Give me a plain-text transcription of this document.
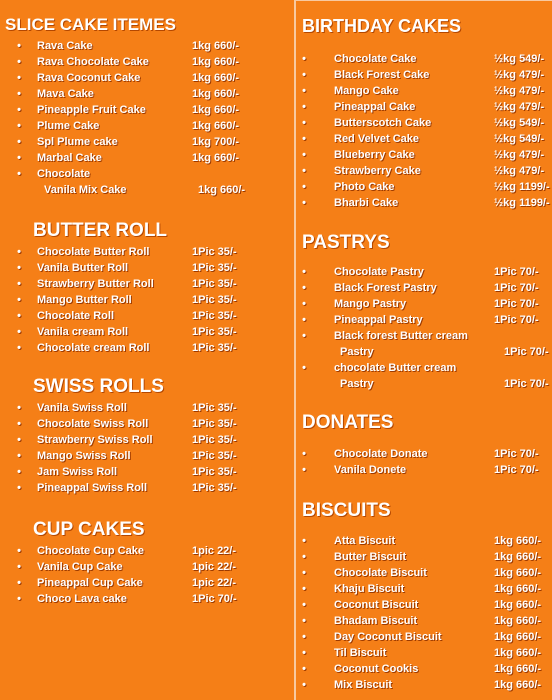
SLICE CAKE ITEMES
• Rava Cake	1kg 660/-
• Rava Chocolate Cake	1kg 660/-
• Rava Coconut Cake	1kg 660/-
• Mava Cake	1kg 660/-
• Pineapple Fruit Cake	1kg 660/-
• Plume Cake	1kg 660/-
• Spl Plume cake	1kg 700/-
• Marbal Cake	1kg 660/-
• Chocolate
Vanila Mix Cake	1kg 660/-
BUTTER ROLL
• Chocolate Butter Roll	1Pic 35/-
• Vanila Butter Roll	1Pic 35/-
• Strawberry Butter Roll	1Pic 35/-
• Mango Butter Roll	1Pic 35/-
• Chocolate Roll	1Pic 35/-
• Vanila cream Roll	1Pic 35/-
• Chocolate cream Roll	1Pic 35/-
SWISS ROLLS
• Vanila Swiss Roll	1Pic 35/-
• Chocolate Swiss Roll	1Pic 35/-
• Strawberry Swiss Roll	1Pic 35/-
• Mango Swiss Roll	1Pic 35/-
• Jam Swiss Roll	1Pic 35/-
• Pineappal Swiss Roll	1Pic 35/-
CUP CAKES
• Chocolate Cup Cake	1pic 22/-
• Vanila Cup Cake	1pic 22/-
• Pineappal Cup Cake	1pic 22/-
• Choco Lava cake	1Pic 70/-
BIRTHDAY CAKES
•	Chocolate Cake	½kg 549/-
•	Black Forest Cake	½kg 479/-
•	Mango Cake	½kg 479/-
•	Pineappal Cake	½kg 479/-
•	Butterscotch Cake	½kg 549/-
•	Red Velvet Cake	½kg 549/-
•	Blueberry Cake	½kg 479/-
•	Strawberry Cake	½kg 479/-
•	Photo Cake	½kg 1199/-
•	Bharbi Cake	½kg 1199/-
PASTRYS
•	Chocolate Pastry	1Pic 70/-
•	Black Forest Pastry	1Pic 70/-
•	Mango Pastry	1Pic 70/-
•	Pineappal Pastry	1Pic 70/-
•	Black forest Butter cream
Pastry	1Pic 70/-
•	chocolate Butter cream
Pastry	1Pic 70/-
DONATES
•	Chocolate Donate	1Pic 70/-
•	Vanila Donete	1Pic 70/-
BISCUITS
•	Atta Biscuit	1kg 660/-
•	Butter Biscuit	1kg 660/-
•	Chocolate Biscuit	1kg 660/-
•	Khaju Biscuit	1kg 660/-
•	Coconut Biscuit	1kg 660/-
•	Bhadam Biscuit	1kg 660/-
•	Day Coconut Biscuit	1kg 660/-
•	Til Biscuit	1kg 660/-
•	Coconut Cookis	1kg 660/-
•	Mix Biscuit	1kg 660/-
